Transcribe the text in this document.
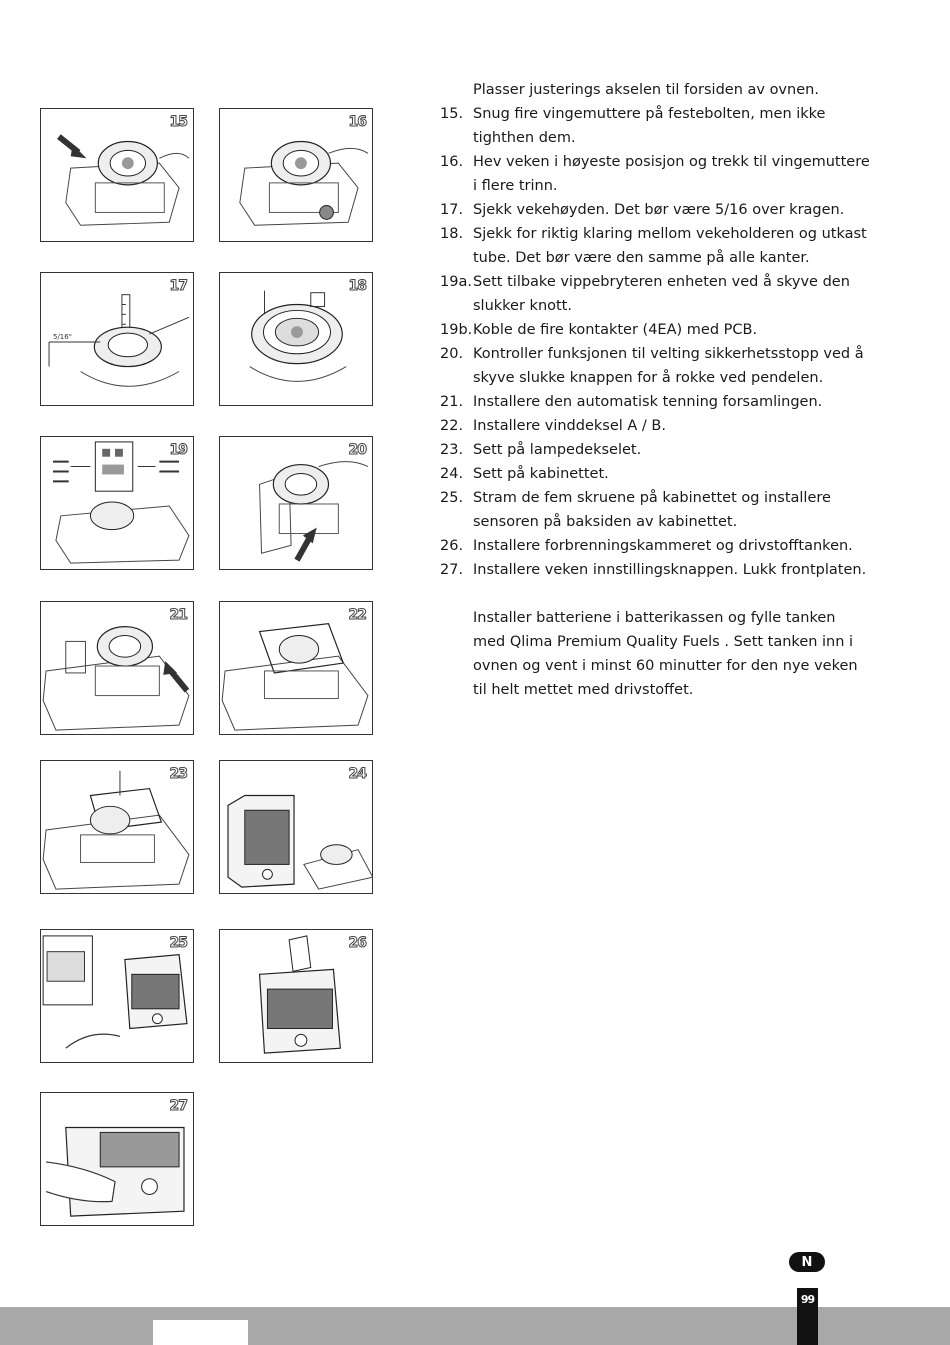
15	16
5/16"
17	18
19	20
21	22
23	24
25	26
27
Plasser justerings akselen til forsiden av ovnen.
15. Snug fire vingemuttere på festebolten, men ikke tighthen dem.
16. Hev veken i høyeste posisjon og trekk til vingemuttere i flere trinn.
17. Sjekk vekehøyden. Det bør være 5/16 over kragen.
18. Sjekk for riktig klaring mellom vekeholderen og utkast tube. Det bør være den samme på alle kanter.
19a. Sett tilbake vippebryteren enheten ved å skyve den slukker knott.
19b. Koble de fire kontakter (4EA) med PCB.
20. Kontroller funksjonen til velting sikkerhetsstopp ved å skyve slukke knappen for å rokke ved pendelen.
21. Installere den automatisk tenning forsamlingen.
22. Installere vinddeksel A / B.
23. Sett på lampedekselet.
24. Sett på kabinettet.
25. Stram de fem skruene på kabinettet og installere sensoren på baksiden av kabinettet.
26. Installere forbrenningskammeret og drivstofftanken.
27. Installere veken innstillingsknappen. Lukk frontplaten.
Installer batteriene i batterikassen og fylle tanken med Qlima Premium Quality Fuels . Sett tanken inn i ovnen og vent i minst 60 minutter for den nye veken til helt mettet med drivstoffet.
N
99
